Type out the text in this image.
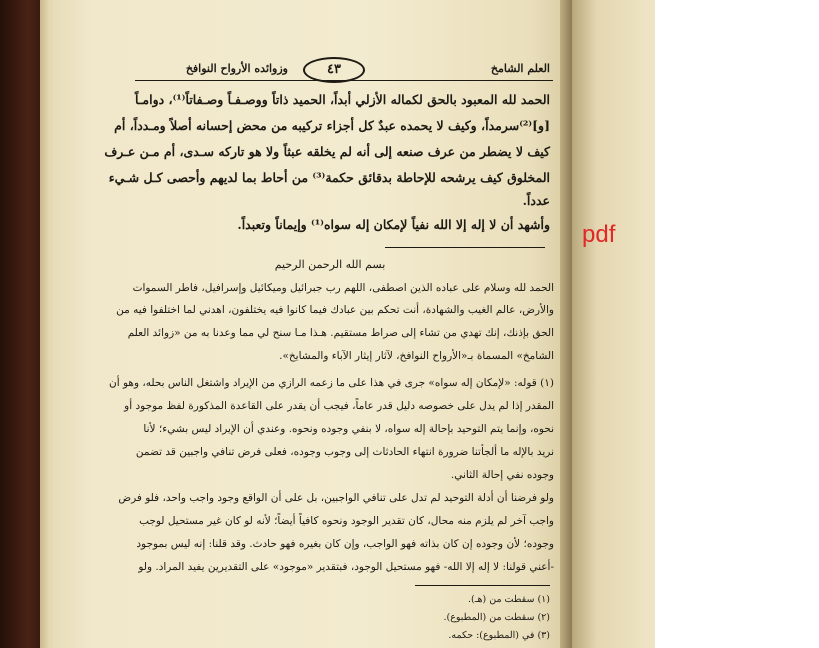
العلم الشامخ
وزوائده الأرواح النوافخ	٤٣
الحمد لله المعبود بالحق لكماله الأزلي أبداً، الحميد ذاتاً ووصـفـاً وصـفاتاً⁽¹⁾، دوامـاً
[و]⁽²⁾سرمداً، وكيف لا يحمده عبدٌ كل أجزاء تركيبه من محض إحسانه أصلاً ومـدداً، أم
كيف لا يضطر من عرف صنعه إلى أنه لم يخلقه عبثاً ولا هو تاركه سـدى، أم مـن عـرف
المخلوق كيف يرشحه للإحاطة بدقائق حكمة⁽³⁾ من أحاط بما لديهم وأحصى كـل شـيء
عدداً.
وأشهد أن لا إله إلا الله نفياً لإمكان إله سواه⁽¹⁾ وإيماناً وتعبداً.
بسم الله الرحمن الرحيم
الحمد لله وسلام على عباده الذين اصطفى، اللهم رب جبرائيل وميكائيل وإسرافيل، فاطر السموات
والأرض، عالم الغيب والشهادة، أنت تحكم بين عبادك فيما كانوا فيه يختلفون، اهدني لما اختلفوا فيه من
الحق بإذنك، إنك تهدي من تشاء إلى صراط مستقيم. هـذا مـا سنح لي مما وعدنا به من «زوائد العلم
الشامخ» المسماة بـ«الأرواح النوافخ، لآثار إيثار الآباء والمشايخ».
(١) قوله: «لإمكان إله سواه» جرى في هذا على ما زعمه الرازي من الإيراد واشتغل الناس بحله، وهو أن
المقدر إذا لم يدل على خصوصه دليل قدر عاماً، فيجب أن يقدر على القاعدة المذكورة لفظ موجود أو
نحوه، وإنما يتم التوحيد بإحالة إله سواه، لا بنفي وجوده ونحوه. وعندي أن الإيراد ليس بشيء؛ لأنا
نريد بالإله ما ألجأتنا ضرورة انتهاء الحادثات إلى وجوب وجوده، فعلى فرض تنافي واجبين قد تضمن
وجوده نفي إحالة الثاني.
ولو فرضنا أن أدلة التوحيد لم تدل على تنافي الواجبين، بل على أن الواقع وجود واجب واحد، فلو فرض
واجب آخر لم يلزم منه محال، كان تقدير الوجود ونحوه كافياً أيضاً؛ لأنه لو كان غير مستحيل لوجب
وجوده؛ لأن وجوده إن كان بذاته فهو الواجب، وإن كان بغيره فهو حادث. وقد قلنا: إنه ليس بموجود
-أعني قولنا: لا إله إلا الله- فهو مستحيل الوجود، فبتقدير «موجود» على التقديرين يفيد المراد. ولو
(١) سقطت من (هـ).
(٢) سقطت من (المطبوع).
(٣) في (المطبوع): حكمه.
pdf
